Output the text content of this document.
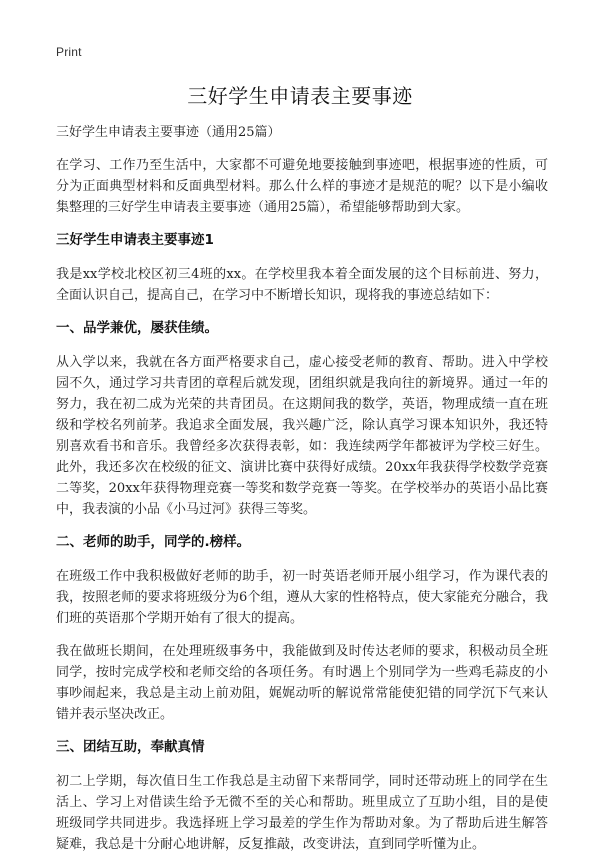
Print
三好学生申请表主要事迹

三好学生申请表主要事迹（通用25篇）

在学习、工作乃至生活中，大家都不可避免地要接触到事迹吧，根据事迹的性质，可分为正面典型材料和反面典型材料。那么什么样的事迹才是规范的呢？以下是小编收集整理的三好学生申请表主要事迹（通用25篇），希望能够帮助到大家。

三好学生申请表主要事迹1

我是xx学校北校区初三4班的xx。在学校里我本着全面发展的这个目标前进、努力，全面认识自己，提高自己，在学习中不断增长知识，现将我的事迹总结如下：

一、品学兼优，屡获佳绩。

从入学以来，我就在各方面严格要求自己，虚心接受老师的教育、帮助。进入中学校园不久，通过学习共青团的章程后就发现，团组织就是我向往的新境界。通过一年的努力，我在初二成为光荣的共青团员。在这期间我的数学，英语，物理成绩一直在班级和学校名列前茅。我追求全面发展，我兴趣广泛，除认真学习课本知识外，我还特别喜欢看书和音乐。我曾经多次获得表彰，如：我连续两学年都被评为学校三好生。此外，我还多次在校级的征文、演讲比赛中获得好成绩。20xx年我获得学校数学竞赛二等奖，20xx年获得物理竞赛一等奖和数学竞赛一等奖。在学校举办的英语小品比赛中，我表演的小品《小马过河》获得三等奖。

二、老师的助手，同学的.榜样。

在班级工作中我积极做好老师的助手，初一时英语老师开展小组学习，作为课代表的我，按照老师的要求将班级分为6个组，遵从大家的性格特点，使大家能充分融合，我们班的英语那个学期开始有了很大的提高。

我在做班长期间，在处理班级事务中，我能做到及时传达老师的要求，积极动员全班同学，按时完成学校和老师交给的各项任务。有时遇上个别同学为一些鸡毛蒜皮的小事吵闹起来，我总是主动上前劝阻，娓娓动听的解说常常能使犯错的同学沉下气来认错并表示坚决改正。

三、团结互助，奉献真情

初二上学期，每次值日生工作我总是主动留下来帮同学，同时还带动班上的同学在生活上、学习上对借读生给予无微不至的关心和帮助。班里成立了互助小组，目的是使班级同学共同进步。我选择班上学习最差的学生作为帮助对象。为了帮助后进生解答疑难，我总是十分耐心地讲解，反复推敲，改变讲法，直到同学听懂为止。
